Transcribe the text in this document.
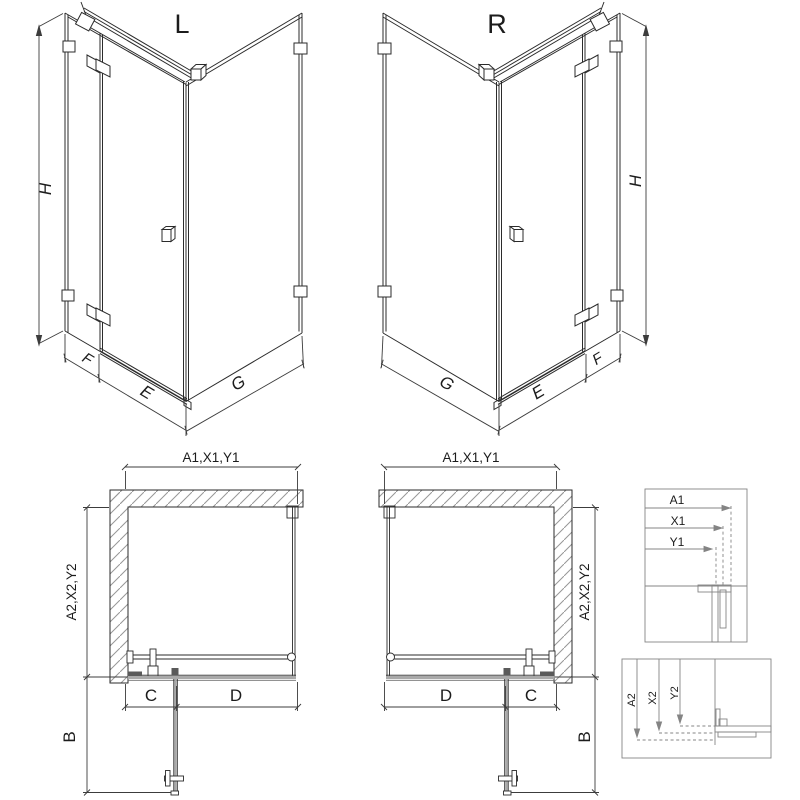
L	R
H
H
F
E	G
F
E
G
A1,X1,Y1	A1,X1,Y1
A2,X2,Y2	A2,X2,Y2
C	D	D	C
B	B
A1
X1
Y1
A2 X2 Y2
